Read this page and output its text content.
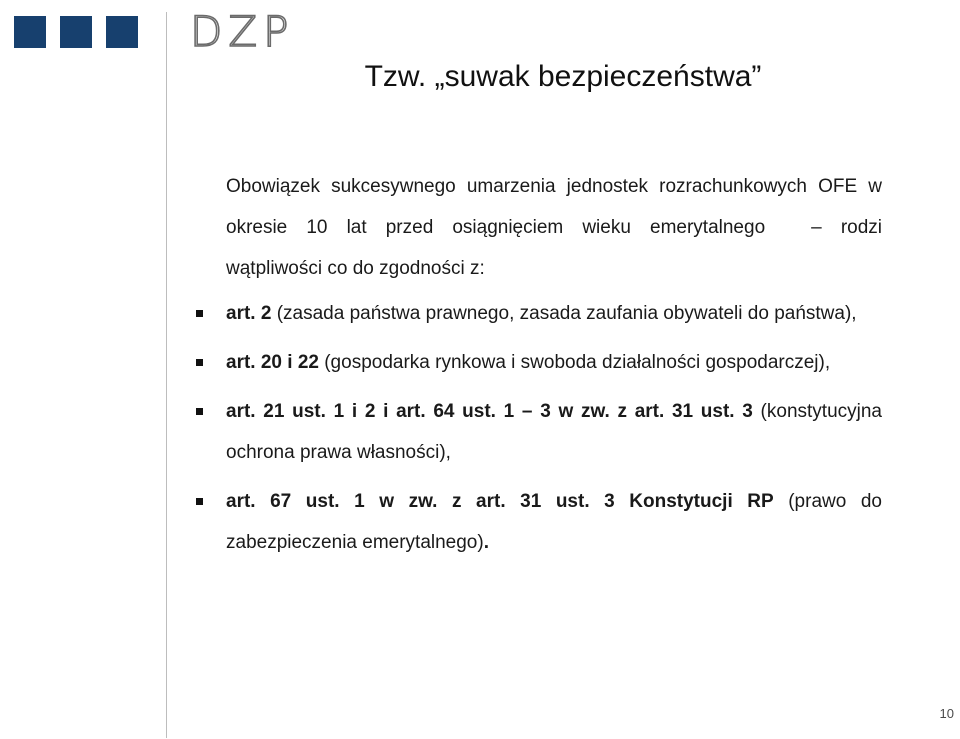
DZP
Tzw. „suwak bezpieczeństwa”

Obowiązek sukcesywnego umarzenia jednostek rozrachunkowych OFE w okresie 10 lat przed osiągnięciem wieku emerytalnego – rodzi wątpliwości co do zgodności z:

art. 2 (zasada państwa prawnego, zasada zaufania obywateli do państwa),
art. 20 i 22 (gospodarka rynkowa i swoboda działalności gospodarczej),
art. 21 ust. 1 i 2 i art. 64 ust. 1 – 3 w zw. z art. 31 ust. 3 (konstytucyjna ochrona prawa własności),
art. 67 ust. 1 w zw. z art. 31 ust. 3 Konstytucji RP (prawo do zabezpieczenia emerytalnego).
10
